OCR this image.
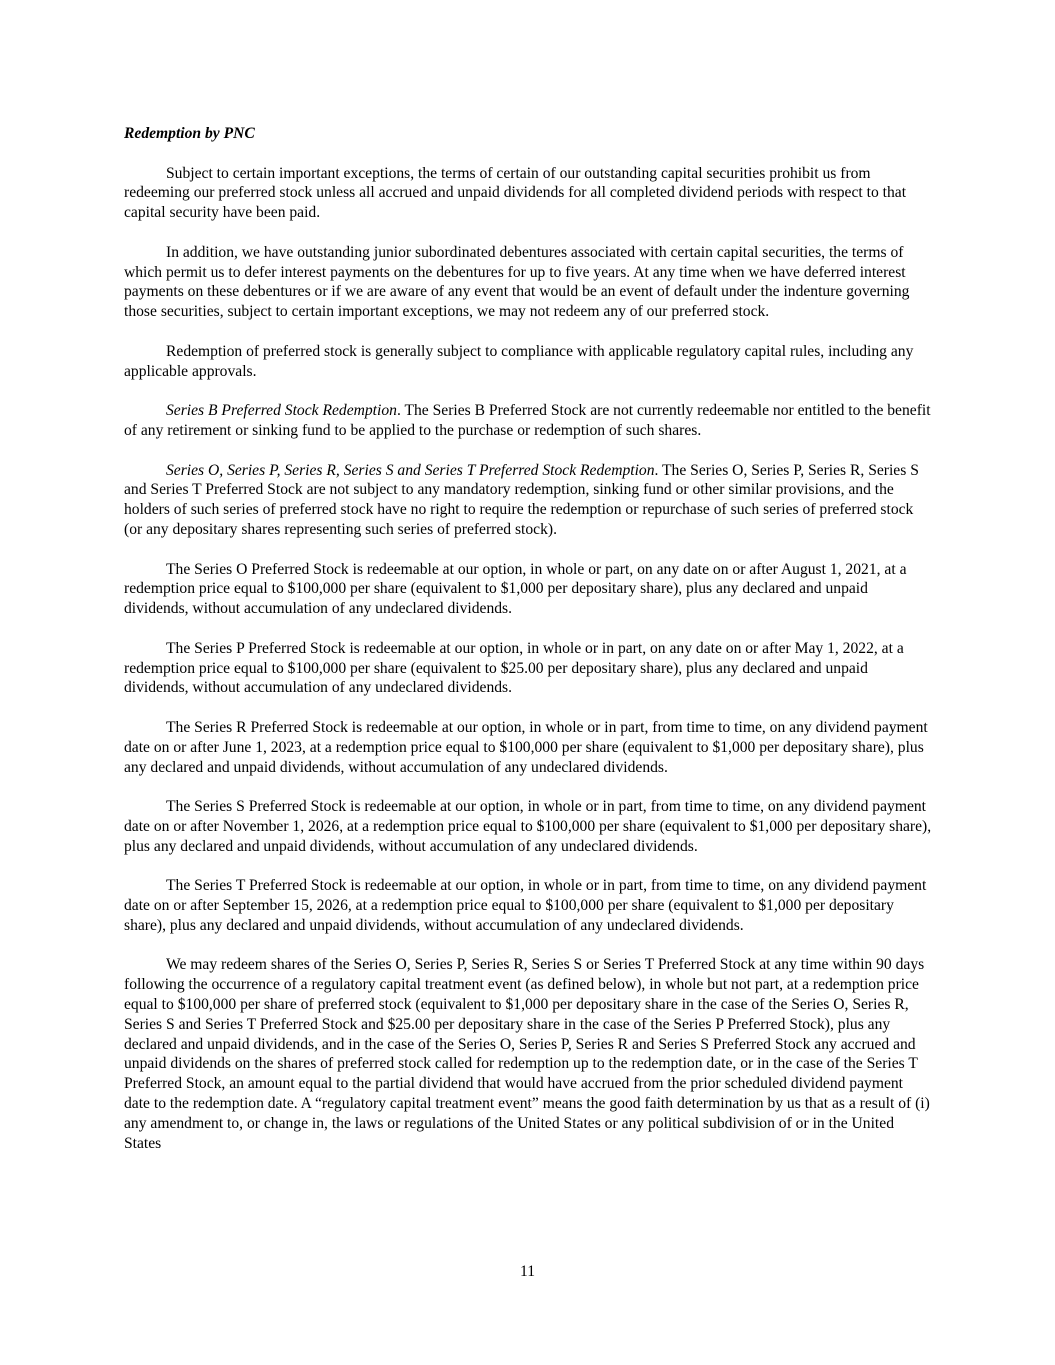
Redemption by PNC

Subject to certain important exceptions, the terms of certain of our outstanding capital securities prohibit us from redeeming our preferred stock unless all accrued and unpaid dividends for all completed dividend periods with respect to that capital security have been paid.

In addition, we have outstanding junior subordinated debentures associated with certain capital securities, the terms of which permit us to defer interest payments on the debentures for up to five years. At any time when we have deferred interest payments on these debentures or if we are aware of any event that would be an event of default under the indenture governing those securities, subject to certain important exceptions, we may not redeem any of our preferred stock.

Redemption of preferred stock is generally subject to compliance with applicable regulatory capital rules, including any applicable approvals.

Series B Preferred Stock Redemption. The Series B Preferred Stock are not currently redeemable nor entitled to the benefit of any retirement or sinking fund to be applied to the purchase or redemption of such shares.

Series O, Series P, Series R, Series S and Series T Preferred Stock Redemption. The Series O, Series P, Series R, Series S and Series T Preferred Stock are not subject to any mandatory redemption, sinking fund or other similar provisions, and the holders of such series of preferred stock have no right to require the redemption or repurchase of such series of preferred stock (or any depositary shares representing such series of preferred stock).

The Series O Preferred Stock is redeemable at our option, in whole or part, on any date on or after August 1, 2021, at a redemption price equal to $100,000 per share (equivalent to $1,000 per depositary share), plus any declared and unpaid dividends, without accumulation of any undeclared dividends.

The Series P Preferred Stock is redeemable at our option, in whole or in part, on any date on or after May 1, 2022, at a redemption price equal to $100,000 per share (equivalent to $25.00 per depositary share), plus any declared and unpaid dividends, without accumulation of any undeclared dividends.

The Series R Preferred Stock is redeemable at our option, in whole or in part, from time to time, on any dividend payment date on or after June 1, 2023, at a redemption price equal to $100,000 per share (equivalent to $1,000 per depositary share), plus any declared and unpaid dividends, without accumulation of any undeclared dividends.

The Series S Preferred Stock is redeemable at our option, in whole or in part, from time to time, on any dividend payment date on or after November 1, 2026, at a redemption price equal to $100,000 per share (equivalent to $1,000 per depositary share), plus any declared and unpaid dividends, without accumulation of any undeclared dividends.

The Series T Preferred Stock is redeemable at our option, in whole or in part, from time to time, on any dividend payment date on or after September 15, 2026, at a redemption price equal to $100,000 per share (equivalent to $1,000 per depositary share), plus any declared and unpaid dividends, without accumulation of any undeclared dividends.

We may redeem shares of the Series O, Series P, Series R, Series S or Series T Preferred Stock at any time within 90 days following the occurrence of a regulatory capital treatment event (as defined below), in whole but not part, at a redemption price equal to $100,000 per share of preferred stock (equivalent to $1,000 per depositary share in the case of the Series O, Series R, Series S and Series T Preferred Stock and $25.00 per depositary share in the case of the Series P Preferred Stock), plus any declared and unpaid dividends, and in the case of the Series O, Series P, Series R and Series S Preferred Stock any accrued and unpaid dividends on the shares of preferred stock called for redemption up to the redemption date, or in the case of the Series T Preferred Stock, an amount equal to the partial dividend that would have accrued from the prior scheduled dividend payment date to the redemption date. A “regulatory capital treatment event” means the good faith determination by us that as a result of (i) any amendment to, or change in, the laws or regulations of the United States or any political subdivision of or in the United States

11
